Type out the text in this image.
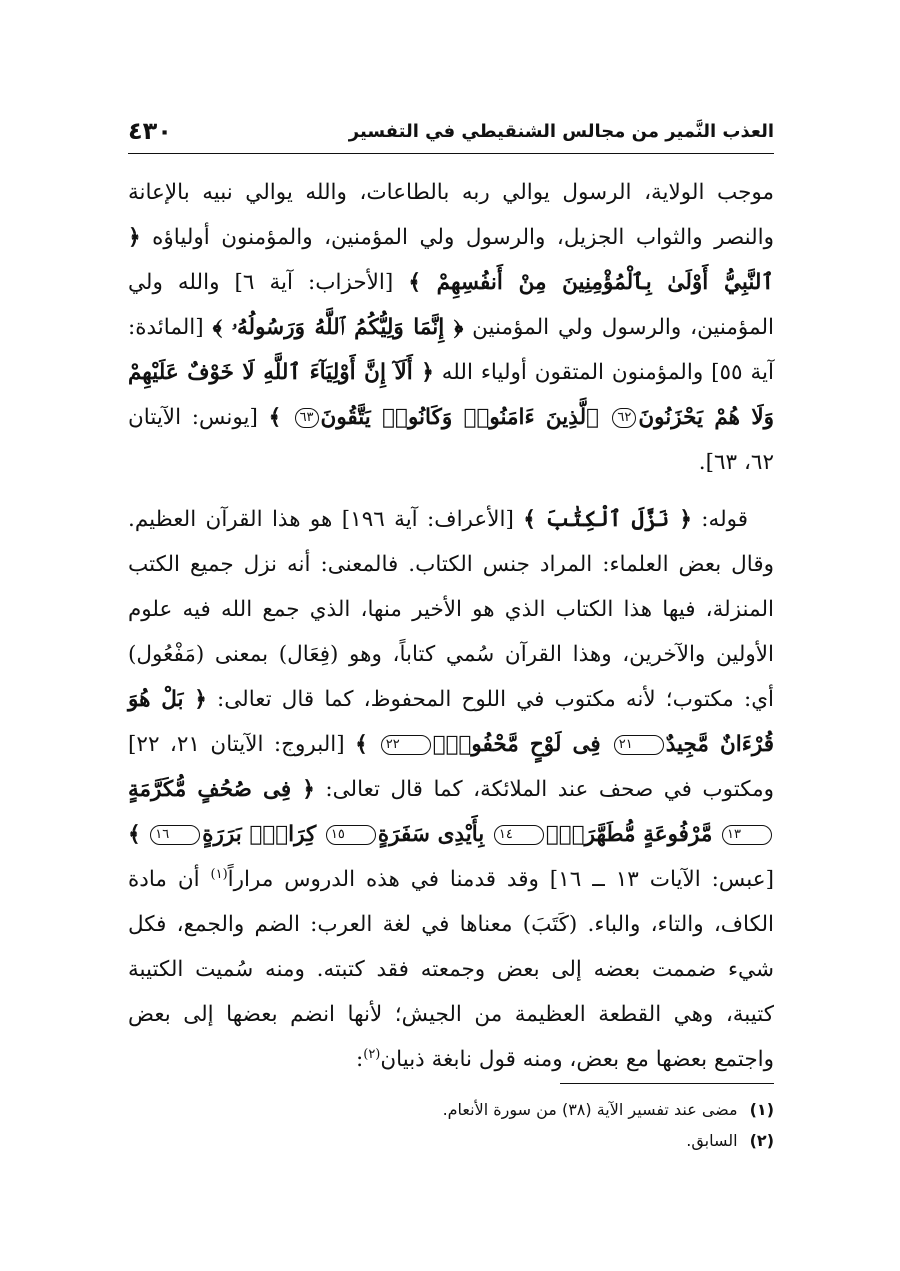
العذب النَّمير من مجالس الشنقيطي في التفسير
٤٣٠

موجب الولاية، الرسول يوالي ربه بالطاعات، والله يوالي نبيه بالإعانة والنصر والثواب الجزيل، والرسول ولي المؤمنين، والمؤمنون أولياؤه ﴿ ٱلنَّبِيُّ أَوْلَىٰ بِٱلْمُؤْمِنِينَ مِنْ أَنفُسِهِمْ ﴾ [الأحزاب: آية ٦] والله ولي المؤمنين، والرسول ولي المؤمنين ﴿ إِنَّمَا وَلِيُّكُمُ ٱللَّهُ وَرَسُولُهُۥ ﴾ [المائدة: آية ٥٥] والمؤمنون المتقون أولياء الله ﴿ أَلَآ إِنَّ أَوْلِيَآءَ ٱللَّهِ لَا خَوْفٌ عَلَيْهِمْ وَلَا هُمْ يَحْزَنُونَ٦٢ ٱلَّذِينَ ءَامَنُوا۟ وَكَانُوا۟ يَتَّقُونَ٦٣ ﴾ [يونس: الآيتان ٦٢، ٦٣].

قوله: ﴿ نَزَّلَ ٱلْكِتَٰبَ ﴾ [الأعراف: آية ١٩٦] هو هذا القرآن العظيم. وقال بعض العلماء: المراد جنس الكتاب. فالمعنى: أنه نزل جميع الكتب المنزلة، فيها هذا الكتاب الذي هو الأخير منها، الذي جمع الله فيه علوم الأولين والآخرين، وهذا القرآن سُمي كتاباً، وهو (فِعَال) بمعنى (مَفْعُول) أي: مكتوب؛ لأنه مكتوب في اللوح المحفوظ، كما قال تعالى: ﴿ بَلْ هُوَ قُرْءَانٌ مَّجِيدٌ٢١ فِى لَوْحٍ مَّحْفُوظٍۭ٢٢ ﴾ [البروج: الآيتان ٢١، ٢٢] ومكتوب في صحف عند الملائكة، كما قال تعالى: ﴿ فِى صُحُفٍ مُّكَرَّمَةٍ١٣ مَّرْفُوعَةٍ مُّطَهَّرَةٍۭ١٤ بِأَيْدِى سَفَرَةٍ١٥ كِرَامٍۭ بَرَرَةٍ١٦ ﴾ [عبس: الآيات ١٣ ــ ١٦] وقد قدمنا في هذه الدروس مراراً$^{(١)}$ أن مادة الكاف، والتاء، والباء. (كَتَبَ) معناها في لغة العرب: الضم والجمع، فكل شيء ضممت بعضه إلى بعض وجمعته فقد كتبته. ومنه سُميت الكتيبة كتيبة، وهي القطعة العظيمة من الجيش؛ لأنها انضم بعضها إلى بعض واجتمع بعضها مع بعض، ومنه قول نابغة ذبيان$^{(٢)}$:

(١)
مضى عند تفسير الآية (٣٨) من سورة الأنعام.
(٢)
السابق.
